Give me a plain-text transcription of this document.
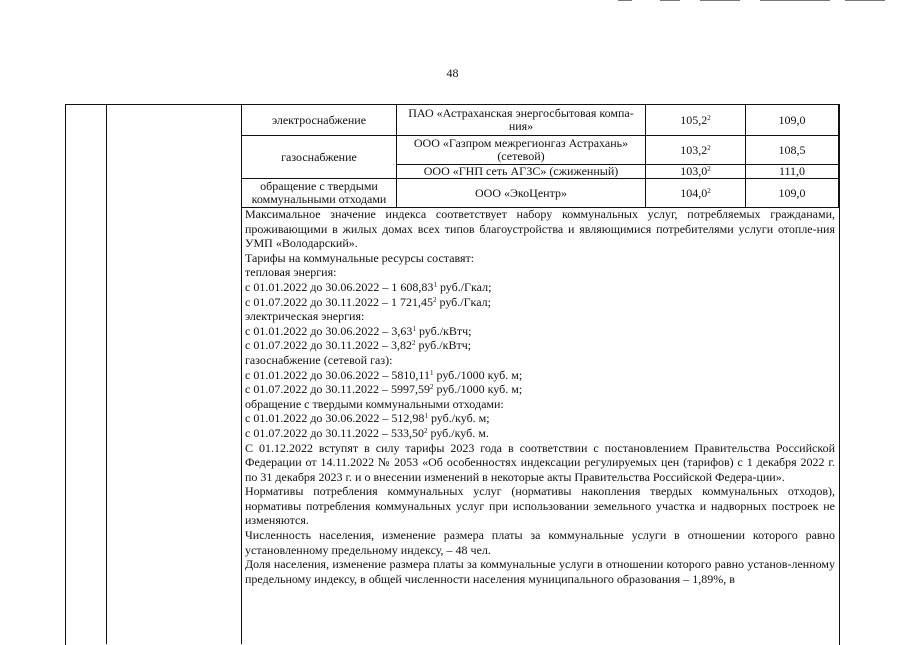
48
электроснабжение	ПАО «Астраханская энергосбытовая компа-ния»	105,2$^2$	109,0
газоснабжение	ООО «Газпром межрегионгаз Астрахань» (сетевой)	103,2$^2$	108,5
	ООО «ГНП сеть АГЗС» (сжиженный)	103,0$^2$	111,0
обращение с твердыми коммунальными отходами	ООО «ЭкоЦентр»	104,0$^2$	109,0

Максимальное значение индекса соответствует набору коммунальных услуг, потребляемых гражданами, проживающими в жилых домах всех типов благоустройства и являющимися потребителями услуги отопле-ния УМП «Володарский».

Тарифы на коммунальные ресурсы составят:

тепловая энергия:

с 01.01.2022 до 30.06.2022 – 1 608,83$^1$ руб./Гкал;

с 01.07.2022 до 30.11.2022 – 1 721,45$^2$ руб./Гкал;

электрическая энергия:

с 01.01.2022 до 30.06.2022 – 3,63$^1$ руб./кВтч;

с 01.07.2022 до 30.11.2022 – 3,82$^2$ руб./кВтч;

газоснабжение (сетевой газ):

с 01.01.2022 до 30.06.2022 – 5810,11$^1$ руб./1000 куб. м;

с 01.07.2022 до 30.11.2022 – 5997,59$^2$ руб./1000 куб. м;

обращение с твердыми коммунальными отходами:

с 01.01.2022 до 30.06.2022 – 512,98$^1$ руб./куб. м;

с 01.07.2022 до 30.11.2022 – 533,50$^2$ руб./куб. м.

С 01.12.2022 вступят в силу тарифы 2023 года в соответствии с постановлением Правительства Российской Федерации от 14.11.2022 № 2053 «Об особенностях индексации регулируемых цен (тарифов) с 1 декабря 2022 г. по 31 декабря 2023 г. и о внесении изменений в некоторые акты Правительства Российской Федера-ции».

Нормативы потребления коммунальных услуг (нормативы накопления твердых коммунальных отходов), нормативы потребления коммунальных услуг при использовании земельного участка и надворных построек не изменяются.

Численность населения, изменение размера платы за коммунальные услуги в отношении которого равно установленному предельному индексу, – 48 чел.

Доля населения, изменение размера платы за коммунальные услуги в отношении которого равно установ-ленному предельному индексу, в общей численности населения муниципального образования – 1,89%, в
